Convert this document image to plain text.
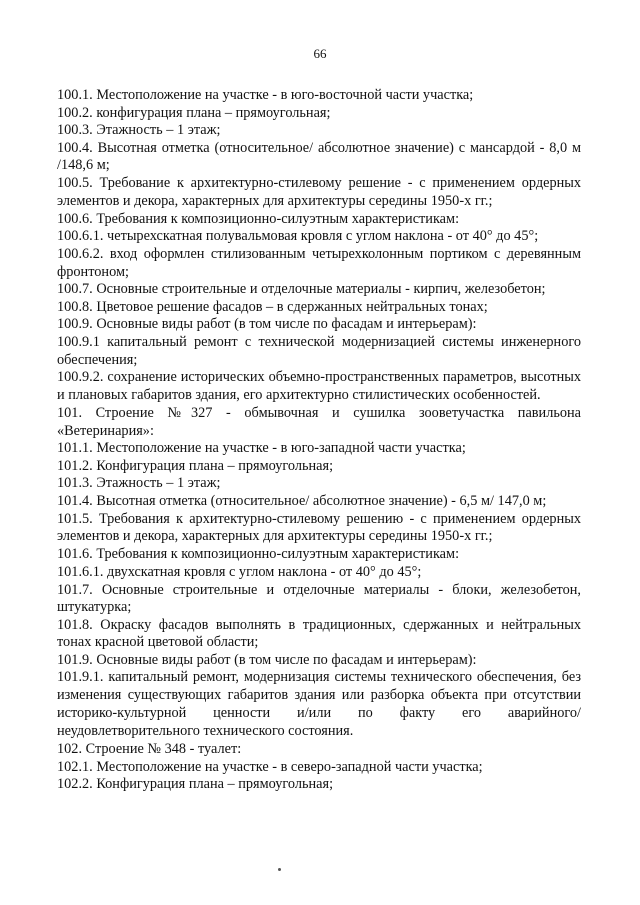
66

100.1. Местоположение на участке - в юго-восточной части участка;

100.2. конфигурация плана – прямоугольная;

100.3. Этажность – 1 этаж;

100.4. Высотная отметка (относительное/ абсолютное значение) с мансардой - 8,0 м /148,6 м;

100.5. Требование к архитектурно-стилевому решение - с применением ордерных элементов и декора, характерных для архитектуры середины 1950-х гг.;

100.6. Требования к композиционно-силуэтным характеристикам:

100.6.1. четырехскатная полувальмовая кровля с углом наклона - от 40° до 45°;

100.6.2. вход оформлен стилизованным четырехколонным портиком с деревянным фронтоном;

100.7. Основные строительные и отделочные материалы - кирпич, железобетон;

100.8. Цветовое решение фасадов – в сдержанных нейтральных тонах;

100.9. Основные виды работ (в том числе по фасадам и интерьерам):

100.9.1 капитальный ремонт с технической модернизацией системы инженерного обеспечения;

100.9.2. сохранение исторических объемно-пространственных параметров, высотных и плановых габаритов здания, его архитектурно стилистических особенностей.

101. Строение №327 - обмывочная и сушилка зооветучастка павильона «Ветеринария»:

101.1. Местоположение на участке - в юго-западной части участка;

101.2. Конфигурация плана – прямоугольная;

101.3. Этажность – 1 этаж;

101.4. Высотная отметка (относительное/ абсолютное значение) - 6,5 м/ 147,0 м;

101.5. Требования к архитектурно-стилевому решению - с применением ордерных элементов и декора, характерных для архитектуры середины 1950-х гг.;

101.6. Требования к композиционно-силуэтным характеристикам:

101.6.1. двухскатная кровля с углом наклона - от 40° до 45°;

101.7. Основные строительные и отделочные материалы - блоки, железобетон, штукатурка;

101.8. Окраску фасадов выполнять в традиционных, сдержанных и нейтральных тонах красной цветовой области;

101.9. Основные виды работ (в том числе по фасадам и интерьерам):

101.9.1. капитальный ремонт, модернизация системы технического обеспечения, без изменения существующих габаритов здания или разборка объекта при отсутствии историко-культурной ценности и/или по факту его аварийного/неудовлетворительного технического состояния.

102. Строение № 348 - туалет:

102.1. Местоположение на участке - в северо-западной части участка;

102.2. Конфигурация плана – прямоугольная;
